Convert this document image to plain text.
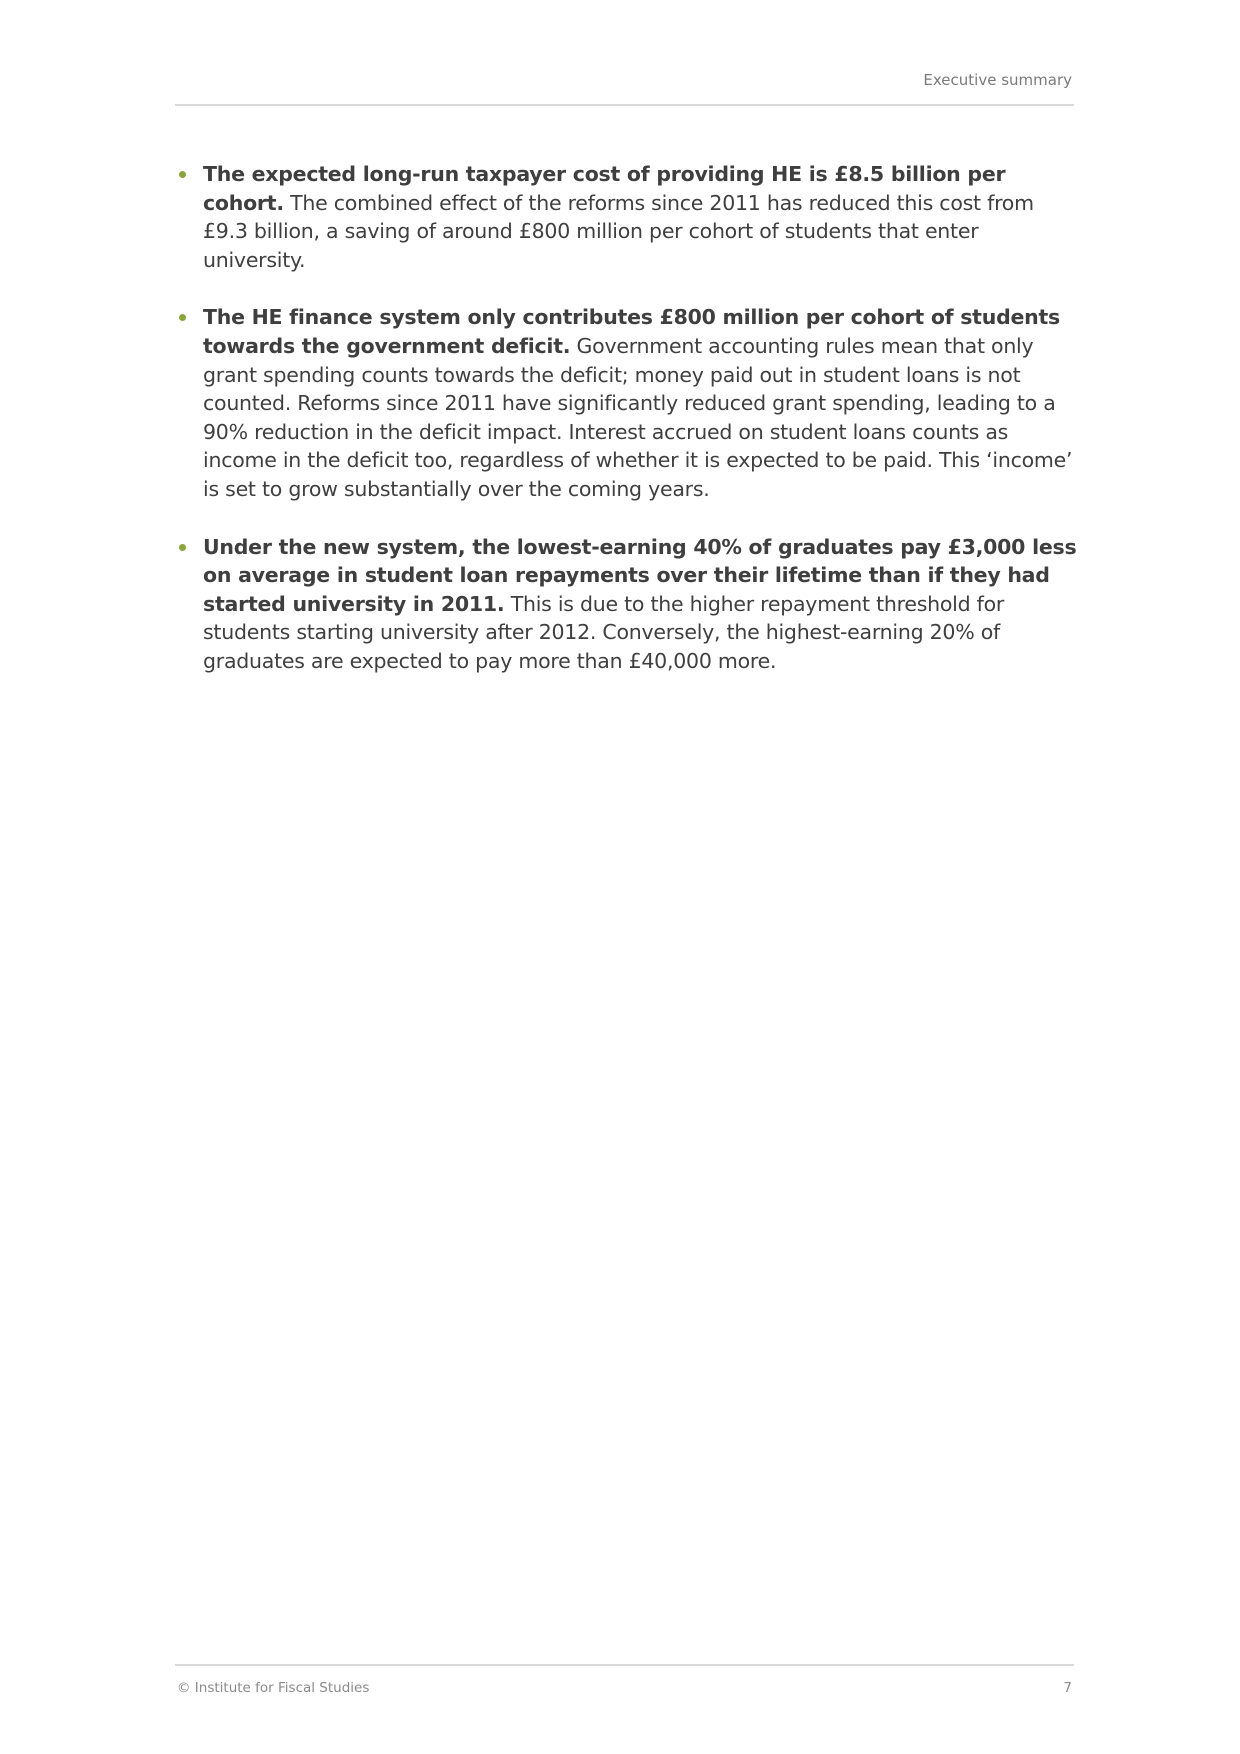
Executive summary
The expected long-run taxpayer cost of providing HE is £8.5 billion per cohort. The combined effect of the reforms since 2011 has reduced this cost from £9.3 billion, a saving of around £800 million per cohort of students that enter university.
The HE finance system only contributes £800 million per cohort of students towards the government deficit. Government accounting rules mean that only grant spending counts towards the deficit; money paid out in student loans is not counted. Reforms since 2011 have significantly reduced grant spending, leading to a 90% reduction in the deficit impact. Interest accrued on student loans counts as income in the deficit too, regardless of whether it is expected to be paid. This ‘income’ is set to grow substantially over the coming years.
Under the new system, the lowest-earning 40% of graduates pay £3,000 less on average in student loan repayments over their lifetime than if they had started university in 2011. This is due to the higher repayment threshold for students starting university after 2012. Conversely, the highest-earning 20% of graduates are expected to pay more than £40,000 more.
© Institute for Fiscal Studies	7
